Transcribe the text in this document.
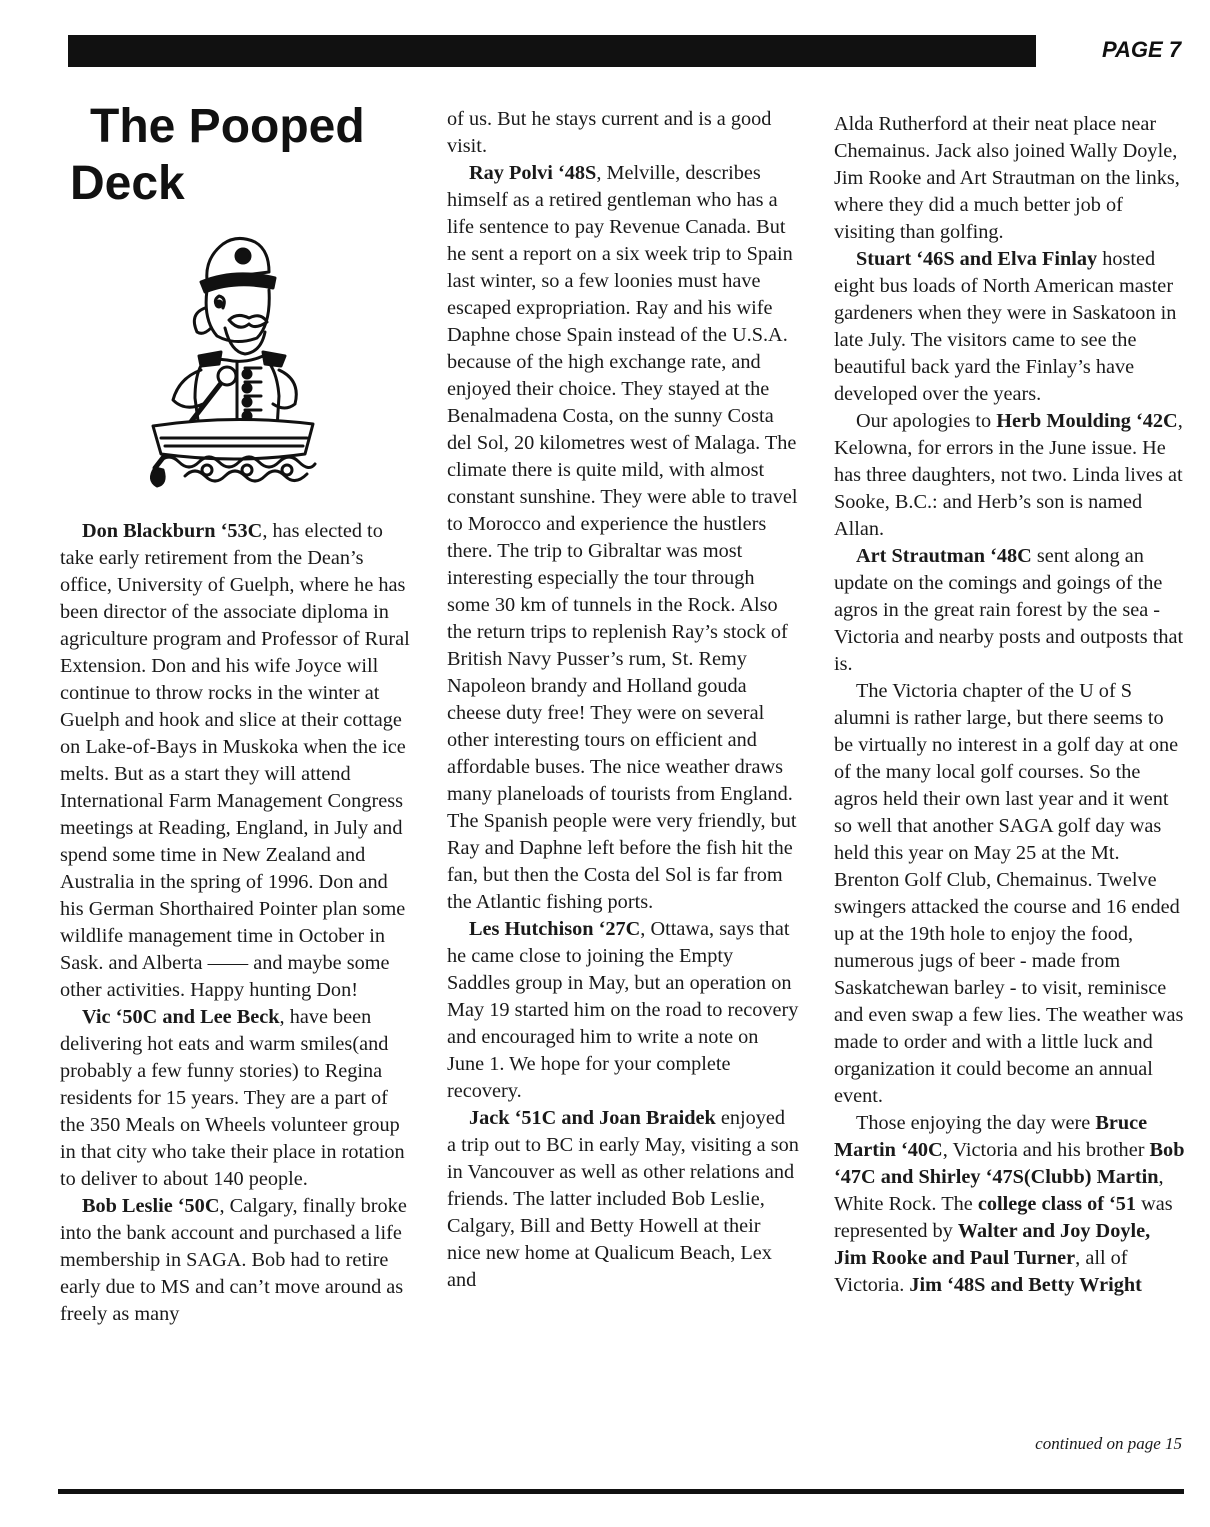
PAGE 7
The Pooped
Deck

Don Blackburn ‘53C, has elected to take early retirement from the Dean’s office, University of Guelph, where he has been director of the associate diploma in agriculture program and Professor of Rural Extension. Don and his wife Joyce will continue to throw rocks in the winter at Guelph and hook and slice at their cottage on Lake-of-Bays in Muskoka when the ice melts. But as a start they will attend International Farm Management Congress meetings at Reading, England, in July and spend some time in New Zealand and Australia in the spring of 1996. Don and his German Shorthaired Pointer plan some wildlife management time in October in Sask. and Alberta —— and maybe some other activities. Happy hunting Don!

Vic ‘50C and Lee Beck, have been delivering hot eats and warm smiles(and probably a few funny stories) to Regina residents for 15 years. They are a part of the 350 Meals on Wheels volunteer group in that city who take their place in rotation to deliver to about 140 people.

Bob Leslie ‘50C, Calgary, finally broke into the bank account and purchased a life membership in SAGA. Bob had to retire early due to MS and can’t move around as freely as many

of us. But he stays current and is a good visit.

Ray Polvi ‘48S, Melville, describes himself as a retired gentleman who has a life sentence to pay Revenue Canada. But he sent a report on a six week trip to Spain last winter, so a few loonies must have escaped expropriation. Ray and his wife Daphne chose Spain instead of the U.S.A. because of the high exchange rate, and enjoyed their choice. They stayed at the Benalmadena Costa, on the sunny Costa del Sol, 20 kilometres west of Malaga. The climate there is quite mild, with almost constant sunshine. They were able to travel to Morocco and experience the hustlers there. The trip to Gibraltar was most interesting especially the tour through some 30 km of tunnels in the Rock. Also the return trips to replenish Ray’s stock of British Navy Pusser’s rum, St. Remy Napoleon brandy and Holland gouda cheese duty free! They were on several other interesting tours on efficient and affordable buses. The nice weather draws many planeloads of tourists from England. The Spanish people were very friendly, but Ray and Daphne left before the fish hit the fan, but then the Costa del Sol is far from the Atlantic fishing ports.

Les Hutchison ‘27C, Ottawa, says that he came close to joining the Empty Saddles group in May, but an operation on May 19 started him on the road to recovery and encouraged him to write a note on June 1. We hope for your complete recovery.

Jack ‘51C and Joan Braidek enjoyed a trip out to BC in early May, visiting a son in Vancouver as well as other relations and friends. The latter included Bob Leslie, Calgary, Bill and Betty Howell at their nice new home at Qualicum Beach, Lex and

Alda Rutherford at their neat place near Chemainus. Jack also joined Wally Doyle, Jim Rooke and Art Strautman on the links, where they did a much better job of visiting than golfing.

Stuart ‘46S and Elva Finlay hosted eight bus loads of North American master gardeners when they were in Saskatoon in late July. The visitors came to see the beautiful back yard the Finlay’s have developed over the years.

Our apologies to Herb Moulding ‘42C, Kelowna, for errors in the June issue. He has three daughters, not two. Linda lives at Sooke, B.C.: and Herb’s son is named Allan.

Art Strautman ‘48C sent along an update on the comings and goings of the agros in the great rain forest by the sea - Victoria and nearby posts and outposts that is.

The Victoria chapter of the U of S alumni is rather large, but there seems to be virtually no interest in a golf day at one of the many local golf courses. So the agros held their own last year and it went so well that another SAGA golf day was held this year on May 25 at the Mt. Brenton Golf Club, Chemainus. Twelve swingers attacked the course and 16 ended up at the 19th hole to enjoy the food, numerous jugs of beer - made from Saskatchewan barley - to visit, reminisce and even swap a few lies. The weather was made to order and with a little luck and organization it could become an annual event.

Those enjoying the day were Bruce Martin ‘40C, Victoria and his brother Bob ‘47C and Shirley ‘47S(Clubb) Martin, White Rock. The college class of ‘51 was represented by Walter and Joy Doyle, Jim Rooke and Paul Turner, all of Victoria. Jim ‘48S and Betty Wright

continued on page 15
